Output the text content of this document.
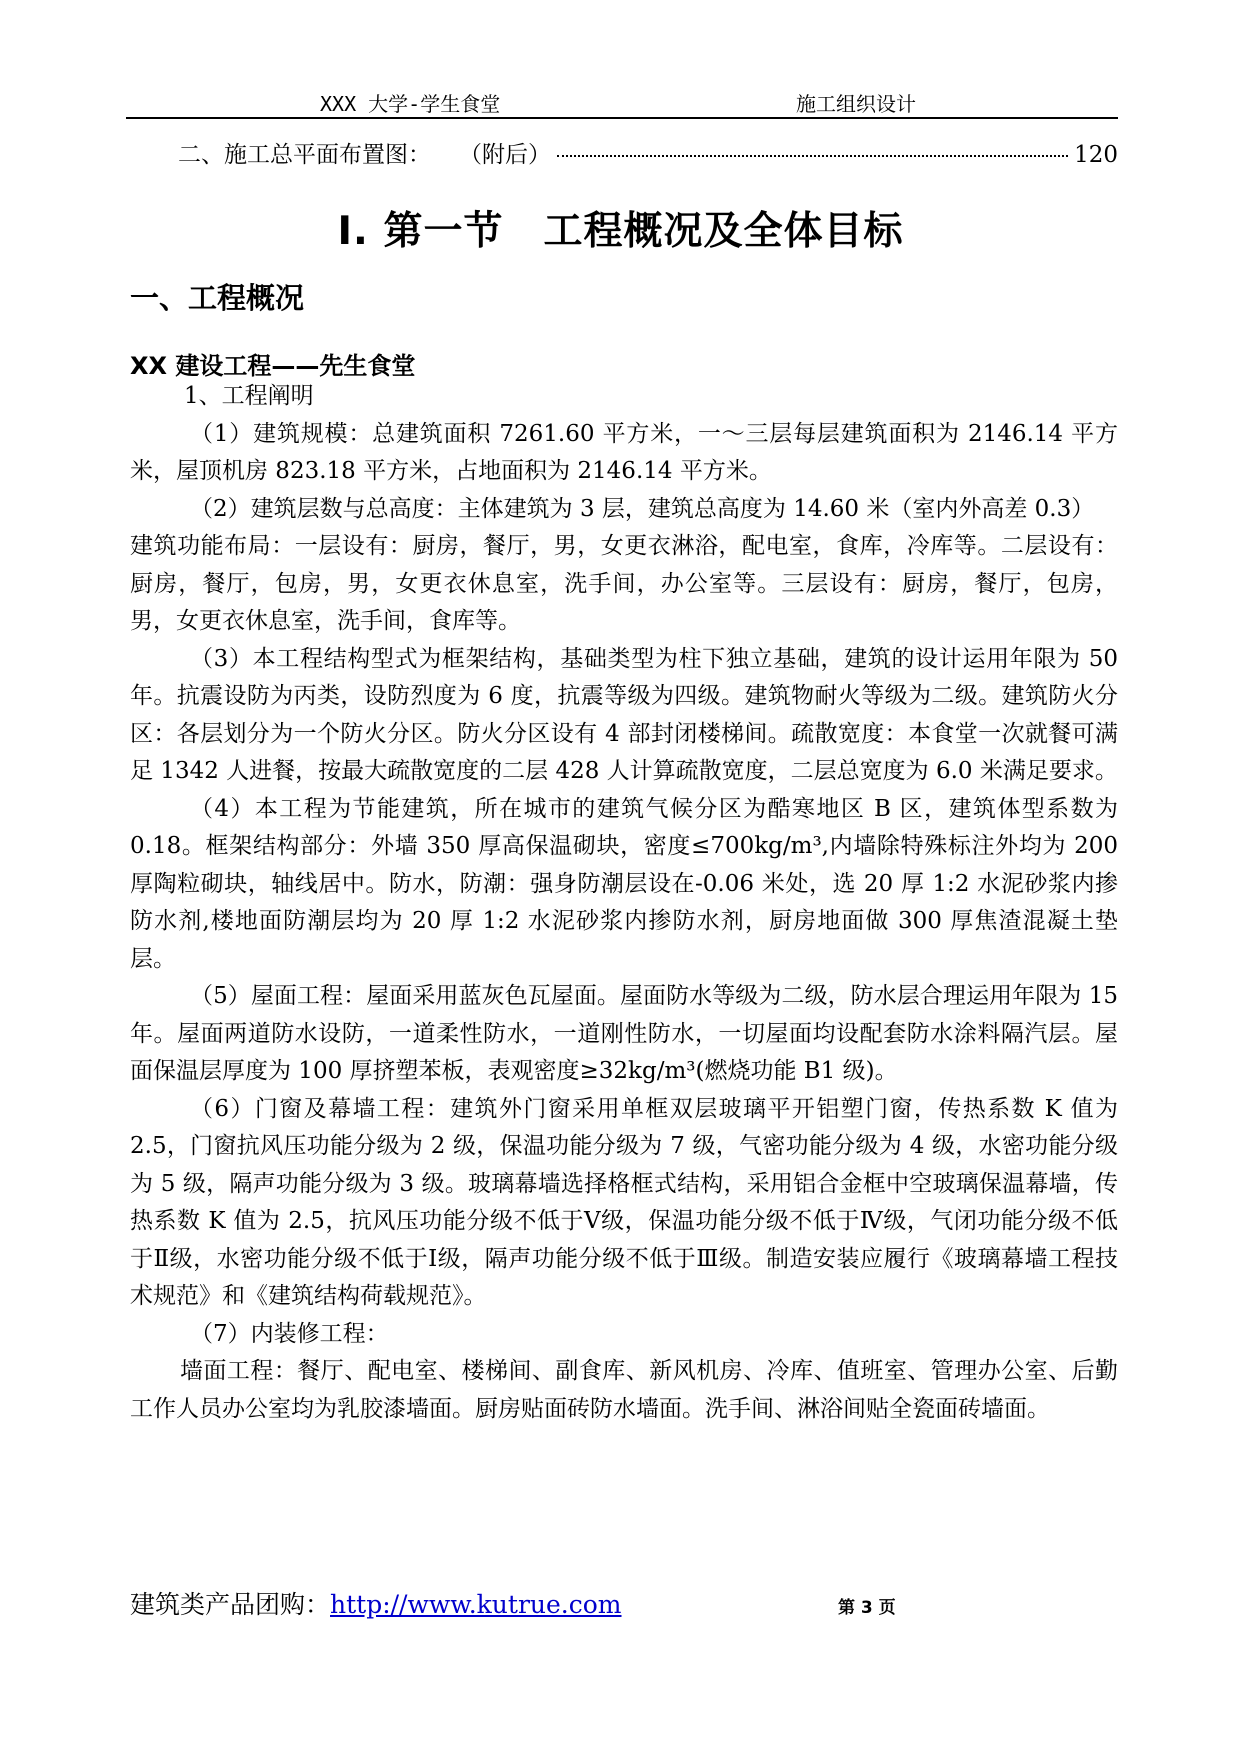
XXX 大学-学生食堂	施工组织设计
二、施工总平面布置图： （附后）	120
I. 第一节　工程概况及全体目标
一、工程概况
XX 建设工程——先生食堂

1、工程阐明

（1）建筑规模：总建筑面积 7261.60 平方米，一～三层每层建筑面积为 2146.14 平方米，屋顶机房 823.18 平方米，占地面积为 2146.14 平方米。

（2）建筑层数与总高度：主体建筑为 3 层，建筑总高度为 14.60 米（室内外高差 0.3）

建筑功能布局：一层设有：厨房，餐厅，男，女更衣淋浴，配电室，食库，冷库等。二层设有：厨房，餐厅，包房，男，女更衣休息室，洗手间，办公室等。三层设有：厨房，餐厅，包房，男，女更衣休息室，洗手间，食库等。

（3）本工程结构型式为框架结构，基础类型为柱下独立基础，建筑的设计运用年限为 50 年。抗震设防为丙类，设防烈度为 6 度，抗震等级为四级。建筑物耐火等级为二级。建筑防火分区：各层划分为一个防火分区。防火分区设有 4 部封闭楼梯间。疏散宽度：本食堂一次就餐可满足 1342 人进餐，按最大疏散宽度的二层 428 人计算疏散宽度，二层总宽度为 6.0 米满足要求。

（4）本工程为节能建筑，所在城市的建筑气候分区为酷寒地区 B 区，建筑体型系数为 0.18。框架结构部分：外墙 350 厚高保温砌块，密度≤700kg/m³,内墙除特殊标注外均为 200 厚陶粒砌块，轴线居中。防水，防潮：强身防潮层设在-0.06 米处，选 20 厚 1:2 水泥砂浆内掺防水剂,楼地面防潮层均为 20 厚 1:2 水泥砂浆内掺防水剂，厨房地面做 300 厚焦渣混凝土垫层。

（5）屋面工程：屋面采用蓝灰色瓦屋面。屋面防水等级为二级，防水层合理运用年限为 15 年。屋面两道防水设防，一道柔性防水，一道刚性防水，一切屋面均设配套防水涂料隔汽层。屋面保温层厚度为 100 厚挤塑苯板，表观密度≥32kg/m³(燃烧功能 B1 级)。

（6）门窗及幕墙工程：建筑外门窗采用单框双层玻璃平开铝塑门窗，传热系数 K 值为 2.5，门窗抗风压功能分级为 2 级，保温功能分级为 7 级，气密功能分级为 4 级，水密功能分级为 5 级，隔声功能分级为 3 级。玻璃幕墙选择格框式结构，采用铝合金框中空玻璃保温幕墙，传热系数 K 值为 2.5，抗风压功能分级不低于Ⅴ级，保温功能分级不低于Ⅳ级，气闭功能分级不低于Ⅱ级，水密功能分级不低于Ⅰ级，隔声功能分级不低于Ⅲ级。制造安装应履行《玻璃幕墙工程技术规范》和《建筑结构荷载规范》。

（7）内装修工程：

墙面工程：餐厅、配电室、楼梯间、副食库、新风机房、冷库、值班室、管理办公室、后勤工作人员办公室均为乳胶漆墙面。厨房贴面砖防水墙面。洗手间、淋浴间贴全瓷面砖墙面。

建筑类产品团购：http://www.kutrue.com	第 3 页
